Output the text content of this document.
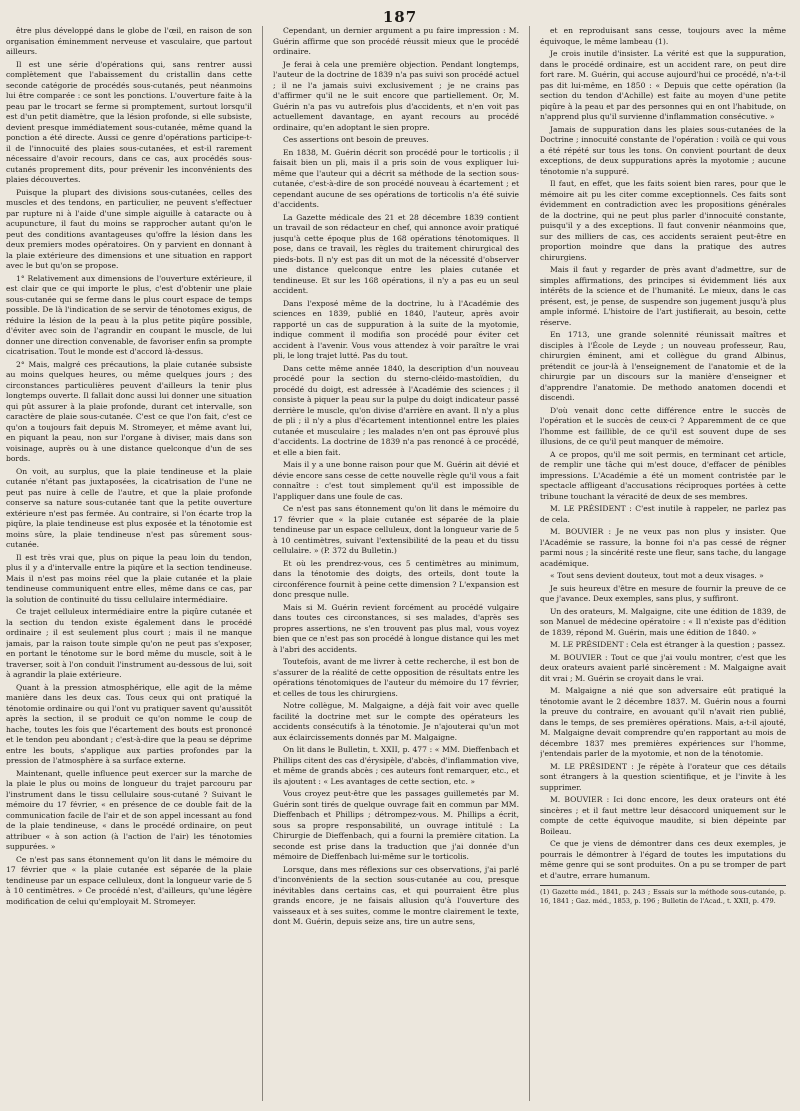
187

être plus développé dans le globe de l'œil, en raison de son organisation éminemment nerveuse et vasculaire, que partout ailleurs.

Il est une série d'opérations qui, sans rentrer aussi complètement que l'abaissement du cristallin dans cette seconde catégorie de procédés sous-cutanés, peut néanmoins lui être comparée : ce sont les ponctions. L'ouverture faite à la peau par le trocart se ferme si promptement, surtout lorsqu'il est d'un petit diamètre, que la lésion profonde, si elle subsiste, devient presque immédiatement sous-cutanée, même quand la ponction a été directe. Aussi ce genre d'opérations participe-t-il de l'innocuité des plaies sous-cutanées, et est-il rarement nécessaire d'avoir recours, dans ce cas, aux procédés sous-cutanés proprement dits, pour prévenir les inconvénients des plaies découvertes.

Puisque la plupart des divisions sous-cutanées, celles des muscles et des tendons, en particulier, ne peuvent s'effectuer par rupture ni à l'aide d'une simple aiguille à cataracte ou à acupuncture, il faut du moins se rapprocher autant qu'on le peut des conditions avantageuses qu'offre la lésion dans les deux premiers modes opératoires. On y parvient en donnant à la plaie extérieure des dimensions et une situation en rapport avec le but qu'on se propose.

1° Relativement aux dimensions de l'ouverture extérieure, il est clair que ce qui importe le plus, c'est d'obtenir une plaie sous-cutanée qui se ferme dans le plus court espace de temps possible. De là l'indication de se servir de ténotomes exigus, de réduire la lésion de la peau à la plus petite piqûre possible, d'éviter avec soin de l'agrandir en coupant le muscle, de lui donner une direction convenable, de favoriser enfin sa prompte cicatrisation. Tout le monde est d'accord là-dessus.

2° Mais, malgré ces précautions, la plaie cutanée subsiste au moins quelques heures, ou même quelques jours ; des circonstances particulières peuvent d'ailleurs la tenir plus longtemps ouverte. Il fallait donc aussi lui donner une situation qui pût assurer à la plaie profonde, durant cet intervalle, son caractère de plaie sous-cutanée. C'est ce que l'on fait, c'est ce qu'on a toujours fait depuis M. Stromeyer, et même avant lui, en piquant la peau, non sur l'organe à diviser, mais dans son voisinage, auprès ou à une distance quelconque d'un de ses bords.

On voit, au surplus, que la plaie tendineuse et la plaie cutanée n'étant pas juxtaposées, la cicatrisation de l'une ne peut pas nuire à celle de l'autre, et que la plaie profonde conserve sa nature sous-cutanée tant que la petite ouverture extérieure n'est pas fermée. Au contraire, si l'on écarte trop la piqûre, la plaie tendineuse est plus exposée et la ténotomie est moins sûre, la plaie tendineuse n'est pas sûrement sous-cutanée.

Il est très vrai que, plus on pique la peau loin du tendon, plus il y a d'intervalle entre la piqûre et la section tendineuse. Mais il n'est pas moins réel que la plaie cutanée et la plaie tendineuse communiquent entre elles, même dans ce cas, par la solution de continuité du tissu cellulaire intermédiaire.

Ce trajet celluleux intermédiaire entre la piqûre cutanée et la section du tendon existe également dans le procédé ordinaire ; il est seulement plus court ; mais il ne manque jamais, par la raison toute simple qu'on ne peut pas s'exposer, en portant le ténotome sur le bord même du muscle, soit à le traverser, soit à l'on conduit l'instrument au-dessous de lui, soit à agrandir la plaie extérieure.

Quant à la pression atmosphérique, elle agit de la même manière dans les deux cas. Tous ceux qui ont pratiqué la ténotomie ordinaire ou qui l'ont vu pratiquer savent qu'aussitôt après la section, il se produit ce qu'on nomme le coup de hache, toutes les fois que l'écartement des bouts est prononcé et le tendon peu abondant ; c'est-à-dire que la peau se déprime entre les bouts, s'applique aux parties profondes par la pression de l'atmosphère à sa surface externe.

Maintenant, quelle influence peut exercer sur la marche de la plaie le plus ou moins de longueur du trajet parcouru par l'instrument dans le tissu cellulaire sous-cutané ? Suivant le mémoire du 17 février, « en présence de ce double fait de la communication facile de l'air et de son appel incessant au fond de la plaie tendineuse, « dans le procédé ordinaire, on peut attribuer « à son action (à l'action de l'air) les ténotomies suppurées. »

Ce n'est pas sans étonnement qu'on lit dans le mémoire du 17 février que « la plaie cutanée est séparée de la plaie tendineuse par un espace celluleux, dont la longueur varie de 5 à 10 centimètres. » Ce procédé n'est, d'ailleurs, qu'une légère modification de celui qu'employait M. Stromeyer.

Cependant, un dernier argument a pu faire impression : M. Guérin affirme que son procédé réussit mieux que le procédé ordinaire.

Je ferai à cela une première objection. Pendant longtemps, l'auteur de la doctrine de 1839 n'a pas suivi son procédé actuel ; il ne l'a jamais suivi exclusivement ; je ne crains pas d'affirmer qu'il ne le suit encore que partiellement. Or, M. Guérin n'a pas vu autrefois plus d'accidents, et n'en voit pas actuellement davantage, en ayant recours au procédé ordinaire, qu'en adoptant le sien propre.

Ces assertions ont besoin de preuves.

En 1838, M. Guérin décrit son procédé pour le torticolis ; il faisait bien un pli, mais il a pris soin de vous expliquer lui-même que l'auteur qui a décrit sa méthode de la section sous-cutanée, c'est-à-dire de son procédé nouveau à écartement ; et cependant aucune de ses opérations de torticolis n'a été suivie d'accidents.

La Gazette médicale des 21 et 28 décembre 1839 contient un travail de son rédacteur en chef, qui annonce avoir pratiqué jusqu'à cette époque plus de 168 opérations ténotomiques. Il pose, dans ce travail, les règles du traitement chirurgical des pieds-bots. Il n'y est pas dit un mot de la nécessité d'observer une distance quelconque entre les plaies cutanée et tendineuse. Et sur les 168 opérations, il n'y a pas eu un seul accident.

Dans l'exposé même de la doctrine, lu à l'Académie des sciences en 1839, publié en 1840, l'auteur, après avoir rapporté un cas de suppuration à la suite de la myotomie, indique comment il modifia son procédé pour éviter cet accident à l'avenir. Vous vous attendez à voir paraître le vrai pli, le long trajet lutté. Pas du tout.

Dans cette même année 1840, la description d'un nouveau procédé pour la section du sterno-cléido-mastoïdien, du procédé du doigt, est adressée à l'Académie des sciences ; il consiste à piquer la peau sur la pulpe du doigt indicateur passé derrière le muscle, qu'on divise d'arrière en avant. Il n'y a plus de pli ; il n'y a plus d'écartement intentionnel entre les plaies cutanée et musculaire ; les malades n'en ont pas éprouvé plus d'accidents. La doctrine de 1839 n'a pas renoncé à ce procédé, et elle a bien fait.

Mais il y a une bonne raison pour que M. Guérin ait dévié et dévie encore sans cesse de cette nouvelle règle qu'il vous a fait connaître : c'est tout simplement qu'il est impossible de l'appliquer dans une foule de cas.

Ce n'est pas sans étonnement qu'on lit dans le mémoire du 17 février que « la plaie cutanée est séparée de la plaie tendineuse par un espace celluleux, dont la longueur varie de 5 à 10 centimètres, suivant l'extensibilité de la peau et du tissu cellulaire. » (P. 372 du Bulletin.)

Et où les prendrez-vous, ces 5 centimètres au minimum, dans la ténotomie des doigts, des orteils, dont toute la circonférence fournit à peine cette dimension ? L'expansion est donc presque nulle.

Mais si M. Guérin revient forcément au procédé vulgaire dans toutes ces circonstances, si ses malades, d'après ses propres assertions, ne s'en trouvent pas plus mal, vous voyez bien que ce n'est pas son procédé à longue distance qui les met à l'abri des accidents.

Toutefois, avant de me livrer à cette recherche, il est bon de s'assurer de la réalité de cette opposition de résultats entre les opérations ténotomiques de l'auteur du mémoire du 17 février, et celles de tous les chirurgiens.

Notre collègue, M. Malgaigne, a déjà fait voir avec quelle facilité la doctrine met sur le compte des opérateurs les accidents consécutifs à la ténotomie. Je n'ajouterai qu'un mot aux éclaircissements donnés par M. Malgaigne.

On lit dans le Bulletin, t. XXII, p. 477 : « MM. Dieffenbach et Phillips citent des cas d'érysipèle, d'abcès, d'inflammation vive, et même de grands abcès ; ces auteurs font remarquer, etc., et ils ajoutent : « Les avantages de cette section, etc. »

Vous croyez peut-être que les passages guillemetés par M. Guérin sont tirés de quelque ouvrage fait en commun par MM. Dieffenbach et Phillips ; détrompez-vous. M. Phillips a écrit, sous sa propre responsabilité, un ouvrage intitulé : La Chirurgie de Dieffenbach, qui a fourni la première citation. La seconde est prise dans la traduction que j'ai donnée d'un mémoire de Dieffenbach lui-même sur le torticolis.

Lorsque, dans mes réflexions sur ces observations, j'ai parlé d'inconvénients de la section sous-cutanée au cou, presque inévitables dans certains cas, et qui pourraient être plus grands encore, je ne faisais allusion qu'à l'ouverture des vaisseaux et à ses suites, comme le montre clairement le texte, dont M. Guérin, depuis seize ans, tire un autre sens,

et en reproduisant sans cesse, toujours avec la même équivoque, le même lambeau (1).

Je crois inutile d'insister. La vérité est que la suppuration, dans le procédé ordinaire, est un accident rare, on peut dire fort rare. M. Guérin, qui accuse aujourd'hui ce procédé, n'a-t-il pas dit lui-même, en 1850 : « Depuis que cette opération (la section du tendon d'Achille) est faite au moyen d'une petite piqûre à la peau et par des personnes qui en ont l'habitude, on n'apprend plus qu'il survienne d'inflammation consécutive. »

Jamais de suppuration dans les plaies sous-cutanées de la Doctrine ; innocuité constante de l'opération : voilà ce qui vous a été répété sur tous les tons. On convient pourtant de deux exceptions, de deux suppurations après la myotomie ; aucune ténotomie n'a suppuré.

Il faut, en effet, que les faits soient bien rares, pour que le mémoire ait pu les citer comme exceptionnels. Ces faits sont évidemment en contradiction avec les propositions générales de la doctrine, qui ne peut plus parler d'innocuité constante, puisqu'il y a des exceptions. Il faut convenir néanmoins que, sur des milliers de cas, ces accidents seraient peut-être en proportion moindre que dans la pratique des autres chirurgiens.

Mais il faut y regarder de près avant d'admettre, sur de simples affirmations, des principes si évidemment liés aux intérêts de la science et de l'humanité. Le mieux, dans le cas présent, est, je pense, de suspendre son jugement jusqu'à plus ample informé. L'histoire de l'art justifierait, au besoin, cette réserve.

En 1713, une grande solennité réunissait maîtres et disciples à l'École de Leyde ; un nouveau professeur, Rau, chirurgien éminent, ami et collègue du grand Albinus, prétendit ce jour-là à l'enseignement de l'anatomie et de la chirurgie par un discours sur la manière d'enseigner et d'apprendre l'anatomie. De methodo anatomen docendi et discendi.

D'où venait donc cette différence entre le succès de l'opération et le succès de ceux-ci ? Apparemment de ce que l'homme est faillible, de ce qu'il est souvent dupe de ses illusions, de ce qu'il peut manquer de mémoire.

A ce propos, qu'il me soit permis, en terminant cet article, de remplir une tâche qui m'est douce, d'effacer de pénibles impressions. L'Académie a été un moment contristée par le spectacle affligeant d'accusations réciproques portées à cette tribune touchant la véracité de deux de ses membres.

M. LE PRÉSIDENT : C'est inutile à rappeler, ne parlez pas de cela.

M. BOUVIER : Je ne veux pas non plus y insister. Que l'Académie se rassure, la bonne foi n'a pas cessé de régner parmi nous ; la sincérité reste une fleur, sans tache, du langage académique.

« Tout sens devient douteux, tout mot a deux visages. »

Je suis heureux d'être en mesure de fournir la preuve de ce que j'avance. Deux exemples, sans plus, y suffiront.

Un des orateurs, M. Malgaigne, cite une édition de 1839, de son Manuel de médecine opératoire : « Il n'existe pas d'édition de 1839, répond M. Guérin, mais une édition de 1840. »

M. LE PRÉSIDENT : Cela est étranger à la question ; passez.

M. BOUVIER : Tout ce que j'ai voulu montrer, c'est que les deux orateurs avaient parlé sincèrement : M. Malgaigne avait dit vrai ; M. Guérin se croyait dans le vrai.

M. Malgaigne a nié que son adversaire eût pratiqué la ténotomie avant le 2 décembre 1837. M. Guérin nous a fourni la preuve du contraire, en avouant qu'il n'avait rien publié, dans le temps, de ses premières opérations. Mais, a-t-il ajouté, M. Malgaigne devait comprendre qu'en rapportant au mois de décembre 1837 mes premières expériences sur l'homme, j'entendais parler de la myotomie, et non de la ténotomie.

M. LE PRÉSIDENT : Je répète à l'orateur que ces détails sont étrangers à la question scientifique, et je l'invite à les supprimer.

M. BOUVIER : Ici donc encore, les deux orateurs ont été sincères ; et il faut mettre leur désaccord uniquement sur le compte de cette équivoque maudite, si bien dépeinte par Boileau.

Ce que je viens de démontrer dans ces deux exemples, je pourrais le démontrer à l'égard de toutes les imputations du même genre qui se sont produites. On a pu se tromper de part et d'autre, errare humanum.

(1) Gazette méd., 1841, p. 243 ; Essais sur la méthode sous-cutanée, p. 16, 1841 ; Gaz. méd., 1853, p. 196 ; Bulletin de l'Acad., t. XXII, p. 479.
